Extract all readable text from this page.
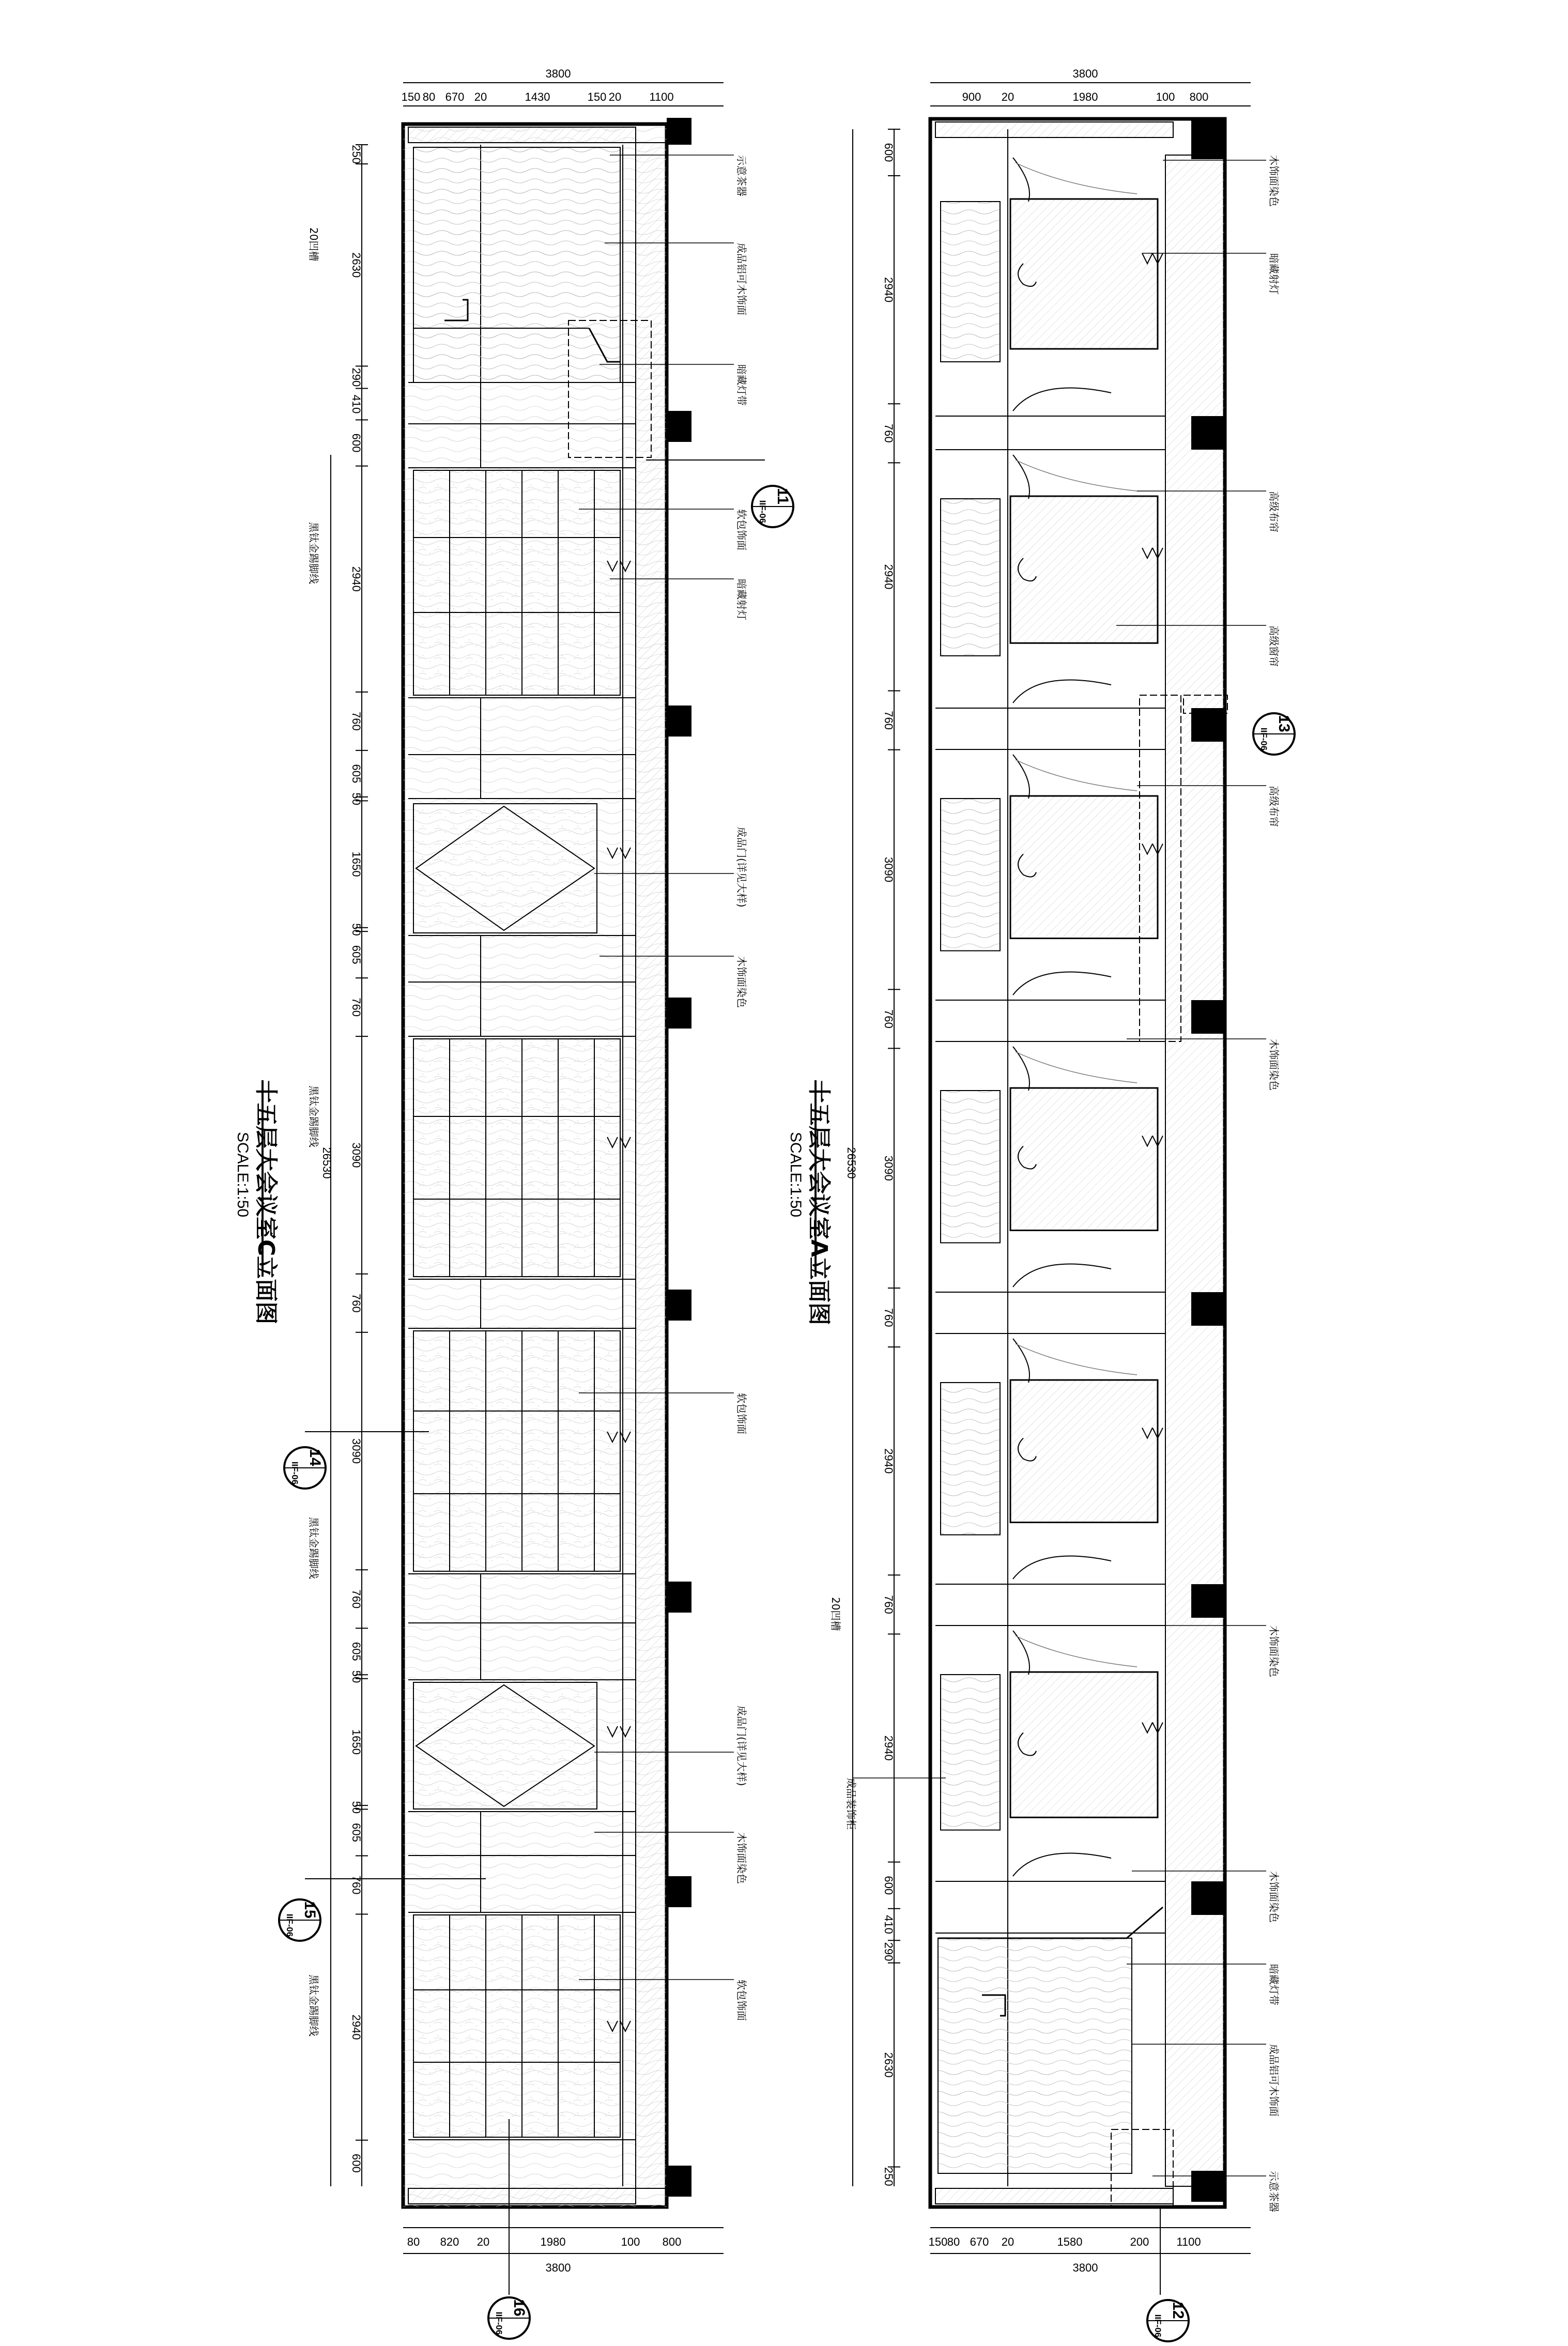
3800
150 80 670 20	1430	150 20 1100
80 820 20	1980	100 800
3800
250
2630
290
410
600
2940
760
605
50
1650
50
605
760
3090
760
3090
760
605
50
1650
50
605
760
2940
600
26530
20凹槽
黑钛金踢脚线
黑钛金踢脚线
黑钛金踢脚线
黑钛金踢脚线
示意茶器
成品铝可木饰面
暗藏灯带
软包饰面
暗藏射灯
成品门(详见大样)
木饰面染色
软包饰面
成品门(详见大样)
木饰面染色
软包饰面
十五层大会议室C立面图
SCALE:1:50
11
IIF-06
14
IIF-06
15
IIF-06
16
IIF-06
3800
900 20	1980	100 800
150 80 670 20	1580	200 1100
3800
600
2940
760
2940
760
3090
760
3090
760
2940
760
2940
600
410
290
2630
250
26530
20凹槽
成品装饰柜
木饰面染色
暗藏射灯
高级布帘
高级窗帘
高级布帘
木饰面染色
木饰面染色
木饰面染色
暗藏灯带
成品铝可木饰面
示意茶器
十五层大会议室A立面图
SCALE:1:50
13
IIF-06
12
IIF-06
